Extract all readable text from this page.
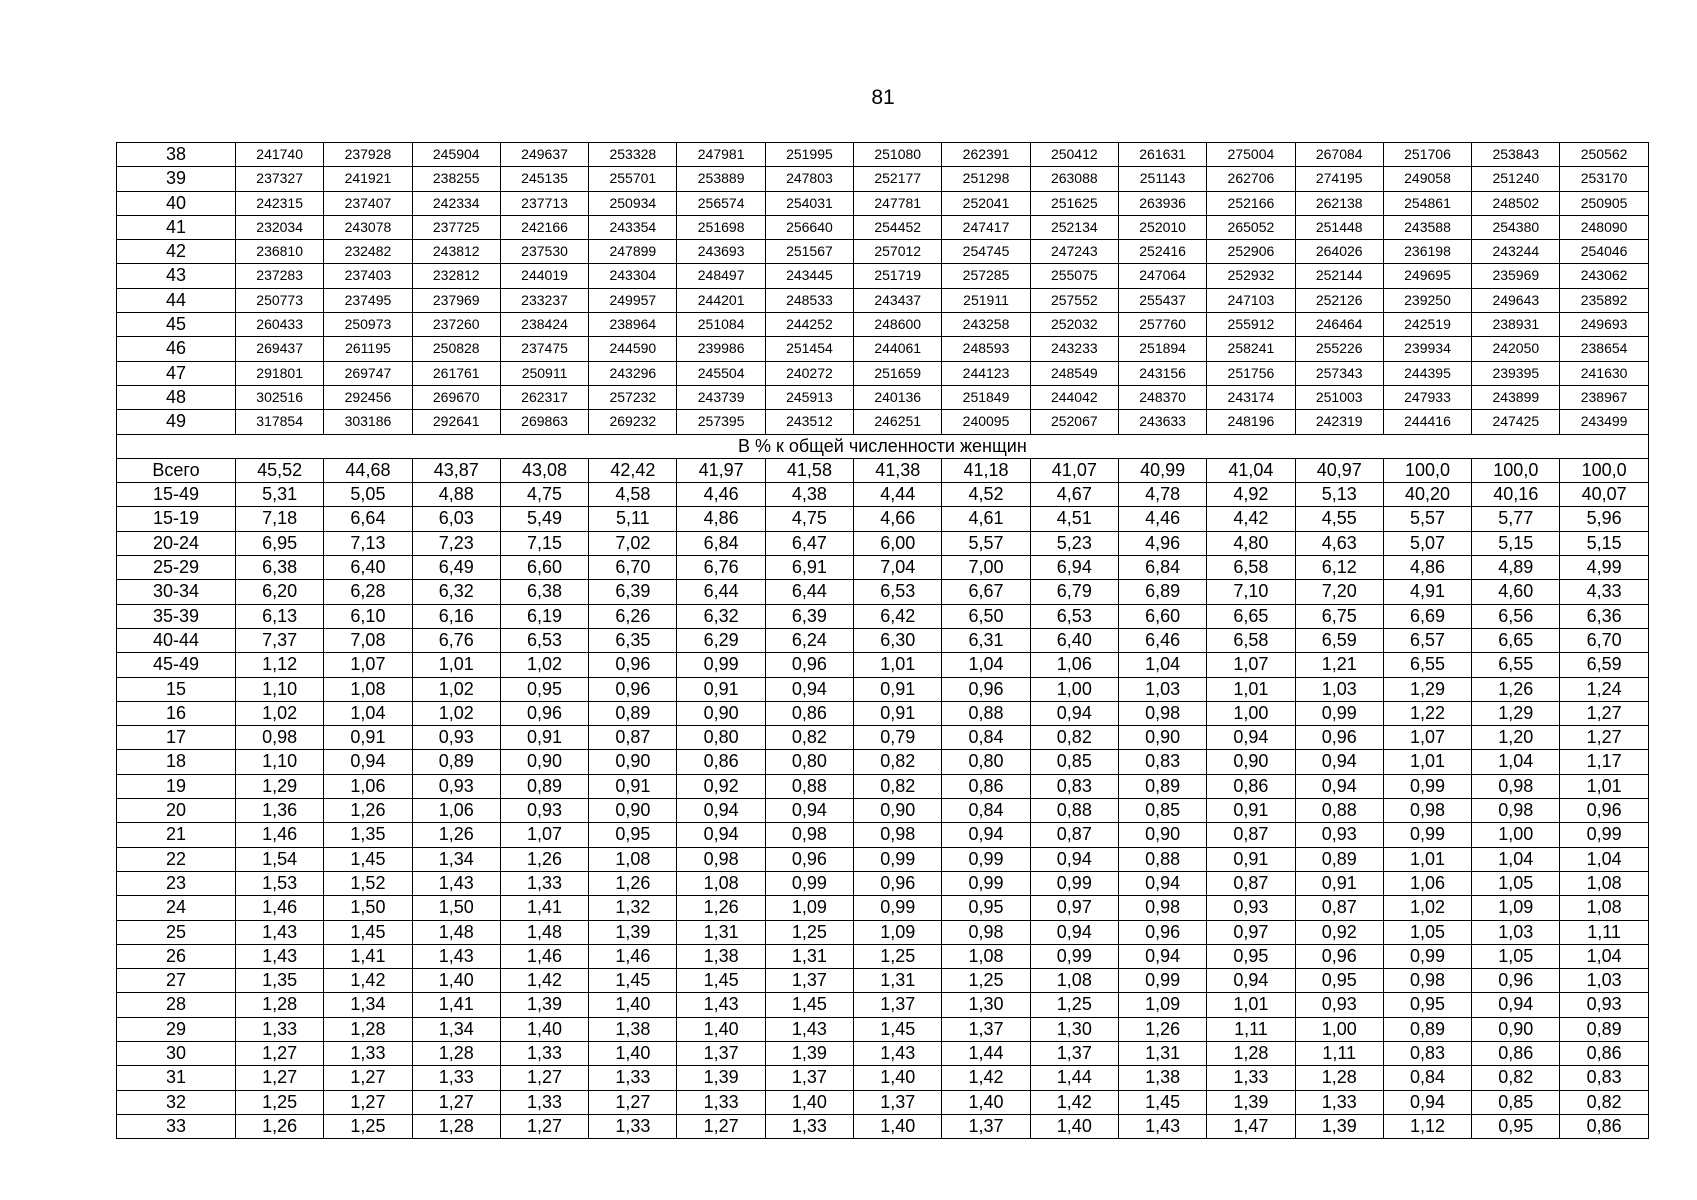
81
38	241740	237928	245904	249637	253328	247981	251995	251080	262391	250412	261631	275004	267084	251706	253843	250562
39	237327	241921	238255	245135	255701	253889	247803	252177	251298	263088	251143	262706	274195	249058	251240	253170
40	242315	237407	242334	237713	250934	256574	254031	247781	252041	251625	263936	252166	262138	254861	248502	250905
41	232034	243078	237725	242166	243354	251698	256640	254452	247417	252134	252010	265052	251448	243588	254380	248090
42	236810	232482	243812	237530	247899	243693	251567	257012	254745	247243	252416	252906	264026	236198	243244	254046
43	237283	237403	232812	244019	243304	248497	243445	251719	257285	255075	247064	252932	252144	249695	235969	243062
44	250773	237495	237969	233237	249957	244201	248533	243437	251911	257552	255437	247103	252126	239250	249643	235892
45	260433	250973	237260	238424	238964	251084	244252	248600	243258	252032	257760	255912	246464	242519	238931	249693
46	269437	261195	250828	237475	244590	239986	251454	244061	248593	243233	251894	258241	255226	239934	242050	238654
47	291801	269747	261761	250911	243296	245504	240272	251659	244123	248549	243156	251756	257343	244395	239395	241630
48	302516	292456	269670	262317	257232	243739	245913	240136	251849	244042	248370	243174	251003	247933	243899	238967
49	317854	303186	292641	269863	269232	257395	243512	246251	240095	252067	243633	248196	242319	244416	247425	243499
В % к общей численности женщин																
Всего	45,52	44,68	43,87	43,08	42,42	41,97	41,58	41,38	41,18	41,07	40,99	41,04	40,97	100,0	100,0	100,0
15-49	5,31	5,05	4,88	4,75	4,58	4,46	4,38	4,44	4,52	4,67	4,78	4,92	5,13	40,20	40,16	40,07
15-19	7,18	6,64	6,03	5,49	5,11	4,86	4,75	4,66	4,61	4,51	4,46	4,42	4,55	5,57	5,77	5,96
20-24	6,95	7,13	7,23	7,15	7,02	6,84	6,47	6,00	5,57	5,23	4,96	4,80	4,63	5,07	5,15	5,15
25-29	6,38	6,40	6,49	6,60	6,70	6,76	6,91	7,04	7,00	6,94	6,84	6,58	6,12	4,86	4,89	4,99
30-34	6,20	6,28	6,32	6,38	6,39	6,44	6,44	6,53	6,67	6,79	6,89	7,10	7,20	4,91	4,60	4,33
35-39	6,13	6,10	6,16	6,19	6,26	6,32	6,39	6,42	6,50	6,53	6,60	6,65	6,75	6,69	6,56	6,36
40-44	7,37	7,08	6,76	6,53	6,35	6,29	6,24	6,30	6,31	6,40	6,46	6,58	6,59	6,57	6,65	6,70
45-49	1,12	1,07	1,01	1,02	0,96	0,99	0,96	1,01	1,04	1,06	1,04	1,07	1,21	6,55	6,55	6,59
15	1,10	1,08	1,02	0,95	0,96	0,91	0,94	0,91	0,96	1,00	1,03	1,01	1,03	1,29	1,26	1,24
16	1,02	1,04	1,02	0,96	0,89	0,90	0,86	0,91	0,88	0,94	0,98	1,00	0,99	1,22	1,29	1,27
17	0,98	0,91	0,93	0,91	0,87	0,80	0,82	0,79	0,84	0,82	0,90	0,94	0,96	1,07	1,20	1,27
18	1,10	0,94	0,89	0,90	0,90	0,86	0,80	0,82	0,80	0,85	0,83	0,90	0,94	1,01	1,04	1,17
19	1,29	1,06	0,93	0,89	0,91	0,92	0,88	0,82	0,86	0,83	0,89	0,86	0,94	0,99	0,98	1,01
20	1,36	1,26	1,06	0,93	0,90	0,94	0,94	0,90	0,84	0,88	0,85	0,91	0,88	0,98	0,98	0,96
21	1,46	1,35	1,26	1,07	0,95	0,94	0,98	0,98	0,94	0,87	0,90	0,87	0,93	0,99	1,00	0,99
22	1,54	1,45	1,34	1,26	1,08	0,98	0,96	0,99	0,99	0,94	0,88	0,91	0,89	1,01	1,04	1,04
23	1,53	1,52	1,43	1,33	1,26	1,08	0,99	0,96	0,99	0,99	0,94	0,87	0,91	1,06	1,05	1,08
24	1,46	1,50	1,50	1,41	1,32	1,26	1,09	0,99	0,95	0,97	0,98	0,93	0,87	1,02	1,09	1,08
25	1,43	1,45	1,48	1,48	1,39	1,31	1,25	1,09	0,98	0,94	0,96	0,97	0,92	1,05	1,03	1,11
26	1,43	1,41	1,43	1,46	1,46	1,38	1,31	1,25	1,08	0,99	0,94	0,95	0,96	0,99	1,05	1,04
27	1,35	1,42	1,40	1,42	1,45	1,45	1,37	1,31	1,25	1,08	0,99	0,94	0,95	0,98	0,96	1,03
28	1,28	1,34	1,41	1,39	1,40	1,43	1,45	1,37	1,30	1,25	1,09	1,01	0,93	0,95	0,94	0,93
29	1,33	1,28	1,34	1,40	1,38	1,40	1,43	1,45	1,37	1,30	1,26	1,11	1,00	0,89	0,90	0,89
30	1,27	1,33	1,28	1,33	1,40	1,37	1,39	1,43	1,44	1,37	1,31	1,28	1,11	0,83	0,86	0,86
31	1,27	1,27	1,33	1,27	1,33	1,39	1,37	1,40	1,42	1,44	1,38	1,33	1,28	0,84	0,82	0,83
32	1,25	1,27	1,27	1,33	1,27	1,33	1,40	1,37	1,40	1,42	1,45	1,39	1,33	0,94	0,85	0,82
33	1,26	1,25	1,28	1,27	1,33	1,27	1,33	1,40	1,37	1,40	1,43	1,47	1,39	1,12	0,95	0,86
